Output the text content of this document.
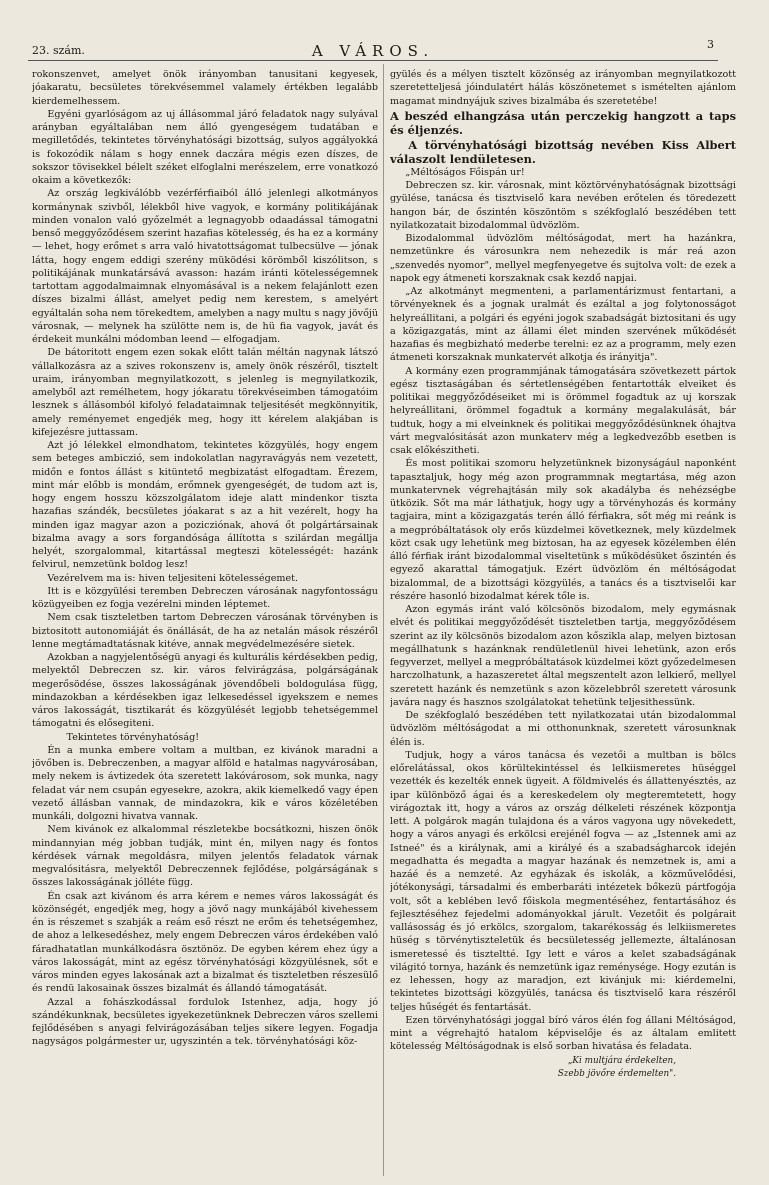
23. szám.	A VÁROS.	3

rokonszenvet, amelyet önök irányomban tanusitani kegyesek, jóakaratu, becsületes törekvésemmel valamely értékben legalább kierdemelhessem.

Egyéni gyarlóságom az uj állásommal járó feladatok nagy sulyával arányban egyáltalában nem álló gyengeségem tudatában e megilletődés, tekintetes törvényhatósági bizottság, sulyos aggályokká is fokozódik nálam s hogy ennek daczára mégis ezen díszes, de sokszor tövisekkel bélelt széket elfoglalni merészelem, erre vonatkozó okaim a következők:

Az ország legkiválóbb vezérférfiaiból álló jelenlegi alkotmányos kormánynak szivből, lélekből hive vagyok, e kormány politikájának minden vonalon való győzelmét a legnagyobb odaadással támogatni benső meggyőződésem szerint hazafias kötelesség, és ha ez a kormány — lehet, hogy erőmet s arra való hivatottságomat tulbecsülve — jónak látta, hogy engem eddigi szerény müködési körömből kiszólitson, s politikájának munkatársává avasson: hazám iránti kötelességemnek tartottam aggodalmaimnak elnyomásával is a nekem felajánlott ezen díszes bizalmi állást, amelyet pedig nem kerestem, s amelyért egyáltalán soha nem törekedtem, amelyben a nagy multu s nagy jövőjü városnak, — melynek ha szülötte nem is, de hü fia vagyok, javát és érdekeit munkálni módomban leend — elfogadjam.

De bátoritott engem ezen sokak előtt talán méltán nagynak látszó vállalkozásra az a szives rokonszenv is, amely önök részéről, tisztelt uraim, irányomban megnyilatkozott, s jelenleg is megnyilatkozik, amelyből azt remélhetem, hogy jókaratu törekvéseimben támogatóim lesznek s állásomból kifolyó feladataimnak teljesitését megkönnyitik, amely reményemet engedjék meg, hogy itt kérelem alakjában is kifejezésre juttassam.

Azt jó lélekkel elmondhatom, tekintetes közgyülés, hogy engem sem beteges ambiczió, sem indokolatlan nagyravágyás nem vezetett, midőn e fontos állást s kitüntető megbizatást elfogadtam. Érezem, mint már előbb is mondám, erőmnek gyengeségét, de tudom azt is, hogy engem hosszu közszolgálatom ideje alatt mindenkor tiszta hazafias szándék, becsületes jóakarat s az a hit vezérelt, hogy ha minden igaz magyar azon a pozicziónak, ahová őt polgártársainak bizalma avagy a sors forgandósága állította s szilárdan megállja helyét, szorgalommal, kitartással megteszi kötelességét: hazánk felvirul, nemzetünk boldog lesz!

Vezérelvem ma is: hiven teljesiteni kötelességemet.

Itt is e közgyülési teremben Debreczen városának nagyfontosságu közügyeiben ez fogja vezérelni minden léptemet.

Nem csak tiszteletben tartom Debreczen városának törvényben is biztositott autonomiáját és önállását, de ha az netalán mások részéről lenne megtámadtatásnak kitéve, annak megvédelmezésére sietek.

Azokban a nagyjelentőségü anyagi és kulturális kérdésekben pedig, melyektől Debreczen sz. kir. város felvirágzása, polgárságának megerősödése, összes lakosságának jövendőbeli boldogulása függ, mindazokban a kérdésekben igaz lelkesedéssel igyekszem e nemes város lakosságát, tisztikarát és közgyülését legjobb tehetségemmel támogatni és elősegiteni.

Tekintetes törvényhatóság!

Én a munka embere voltam a multban, ez kivánok maradni a jövőben is. Debreczenben, a magyar alföld e hatalmas nagyvárosában, mely nekem is ávtizedek óta szeretett lakóvárosom, sok munka, nagy feladat vár nem csupán egyesekre, azokra, akik kiemelkedő vagy épen vezető állásban vannak, de mindazokra, kik e város közéletében munkáli, dolgozni hivatva vannak.

Nem kivánok ez alkalommal részletekbe bocsátkozni, hiszen önök mindannyian még jobban tudják, mint én, milyen nagy és fontos kérdések várnak megoldásra, milyen jelentős feladatok várnak megvalósitásra, melyektől Debreczennek fejlődése, polgárságának s összes lakosságának jólléte függ.

Én csak azt kivánom és arra kérem e nemes város lakosságát és közönségét, engedjék meg, hogy a jövő nagy munkájából kivehessem én is részemet s szabják a reám eső részt ne erőm és tehetségemhez, de ahoz a lelkesedéshez, mely engem Debreczen város érdekében való fáradhatatlan munkálkodásra ösztönöz. De egyben kérem ehez úgy a város lakosságát, mint az egész törvényhatósági közgyülésnek, sőt e város minden egyes lakosának azt a bizalmat és tiszteletben részesülő és rendü lakosainak összes bizalmát és állandó támogatását.

Azzal a fohászkodással fordulok Istenhez, adja, hogy jó szándékunknak, becsületes igyekezetünknek Debreczen város szellemi fejlődésében s anyagi felvirágozásában teljes sikere legyen. Fogadja nagyságos polgármester ur, ugyszintén a tek. törvényhatósági köz-

gyülés és a mélyen tisztelt közönség az irányomban megnyilatkozott szeretetteljesá jóindulatért hálás köszönetemet s ismételten ajánlom magamat mindnyájuk szives bizalmába és szeretetébe!

A beszéd elhangzása után perczekig hangzott a taps és éljenzés.

A törvényhatósági bizottság nevében Kiss Albert válaszolt lendületesen.

„Méltóságos Főispán ur!

Debreczen sz. kir. városnak, mint köztörvényhatóságnak bizottsági gyülése, tanácsa és tisztviselő kara nevében erőtelen és töredezett hangon bár, de őszintén köszöntöm s székfoglaló beszédében tett nyilatkozatait bizodalommal üdvözlöm.

Bizodalommal üdvözlöm méltóságodat, mert ha hazánkra, nemzetünkre és városunkra nem nehezedik is már reá azon „szenvedés nyomor", mellyel megfenyegetve és sujtolva volt: de ezek a napok egy átmeneti korszaknak csak kezdő napjai.

„Az alkotmányt megmenteni, a parlamentárizmust fentartani, a törvényeknek és a jognak uralmát és ezáltal a jog folytonosságot helyreállitani, a polgári és egyéni jogok szabadságát biztositani és ugy a közigazgatás, mint az állami élet minden szervének működését hazafias és megbizható mederbe terelni: ez az a programm, mely ezen átmeneti korszaknak munkatervét alkotja és irányitja".

A kormány ezen programmjának támogatására szövetkezett pártok egész tisztaságában és sértetlenségében fentartották elveiket és politikai meggyőződéseiket mi is örömmel fogadtuk az uj korszak helyreállitani, örömmel fogadtuk a kormány megalakulását, bár tudtuk, hogy a mi elveinknek és politikai meggyőződésünknek óhajtva várt megvalósitását azon munkaterv még a legkedvezőbb esetben is csak előkészitheti.

És most politikai szomoru helyzetünknek bizonyságául naponként tapasztaljuk, hogy még azon programmnak megtartása, még azon munkatervnek végrehajtásán mily sok akadályba és nehézségbe ütközik. Sőt ma már láthatjuk, hogy ugy a törvényhozás és kormány tagjaira, mint a közigazgatás terén álló férfiakra, sőt még mi reánk is a megpróbáltatások oly erős küzdelmei következnek, mely küzdelmek közt csak ugy lehetünk meg biztosan, ha az egyesek közélemben élén álló férfiak iránt bizodalommal viseltetünk s működésüket őszintén és egyező akarattal támogatjuk. Ezért üdvözlöm én méltóságodat bizalommal, de a bizottsági közgyülés, a tanács és a tisztviselői kar részére hasonló bizodalmat kérek tőle is.

Azon egymás iránt való kölcsönös bizodalom, mely egymásnak elvét és politikai meggyőződését tiszteletben tartja, meggyőződésem szerint az ily kölcsönös bizodalom azon kőszikla alap, melyen biztosan megállhatunk s hazánknak rendületlenül hivei lehetünk, azon erős fegyverzet, mellyel a megpróbáltatások küzdelmei közt győzedelmesen harczolhatunk, a hazaszeretet által megszentelt azon lelkierő, mellyel szeretett hazánk és nemzetünk s azon közelebbről szeretett városunk javára nagy és hasznos szolgálatokat tehetünk teljesithessünk.

De székfoglaló beszédében tett nyilatkozatai után bizodalommal üdvözlöm méltóságodat a mi otthonunknak, szeretett városunknak élén is.

Tudjuk, hogy a város tanácsa és vezetői a multban is bölcs előrelátással, okos körültekintéssel és lelkiismeretes hüséggel vezették és kezelték ennek ügyeit. A földmivelés és állattenyésztés, az ipar különböző ágai és a kereskedelem oly megteremtetett, hogy virágoztak itt, hogy a város az ország délkeleti részének központja lett. A polgárok magán tulajdona és a város vagyona ugy növekedett, hogy a város anyagi és erkölcsi erejénél fogva — az „Istennek ami az Istneé" és a királynak, ami a királyé és a szabadságharcok idején megadhatta és megadta a magyar hazának és nemzetnek is, ami a hazáé és a nemzeté. Az egyházak és iskolák, a közművelődési, jótékonysági, társadalmi és emberbaráti intézetek bőkezü pártfogója volt, sőt a keblében levő főiskola megmentéséhez, fentartásához és fejlesztéséhez fejedelmi adományokkal járult. Vezetőit és polgárait vallásosság és jó erkölcs, szorgalom, takarékosság és lelkiismeretes hüség s törvénytiszteletük és becsületesség jellemezte, általánosan ismeretessé és tiszteltté. Igy lett e város a kelet szabadságának világitó tornya, hazánk és nemzetünk igaz reménysége. Hogy ezután is ez lehessen, hogy az maradjon, ezt kivánjuk mi: kiérdemelni, tekintetes bizottsági közgyülés, tanácsa és tisztviselő kara részéről teljes hűségét és fentartását.

Ezen törvényhatósági joggal bíró város élén fog állani Méltóságod, mint a végrehajtó hatalom képviselője és az általam emlitett kötelesség Méltóságodnak is első sorban hivatása és feladata.

„Ki multjára érdekelten,

Szebb jövőre érdemelten".
